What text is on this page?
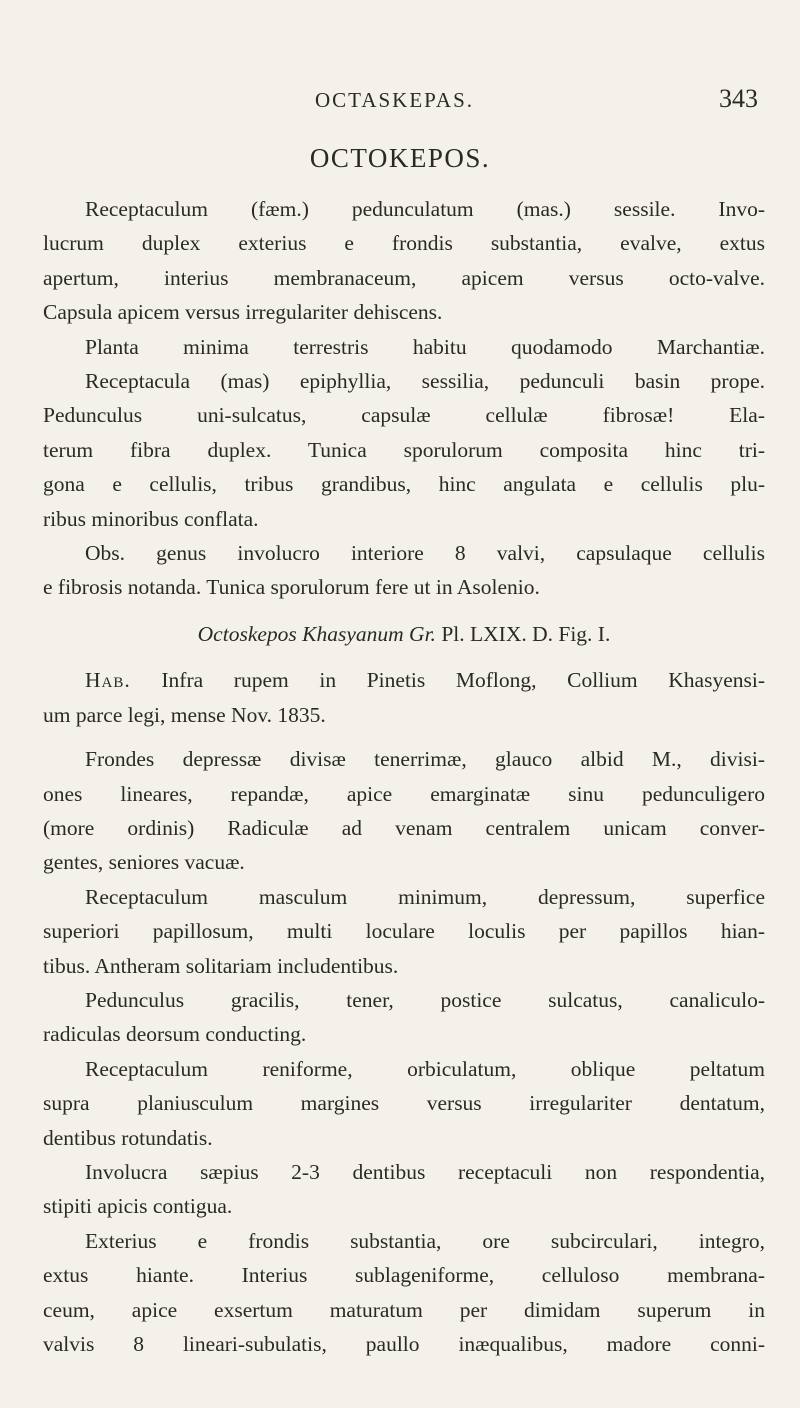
OCTASKEPAS.	343
OCTOKEPOS.
Receptaculum (fæm.) pedunculatum (mas.) sessile. Invo-
lucrum duplex exterius e frondis substantia, evalve, extus
apertum, interius membranaceum, apicem versus octo-valve.
Capsula apicem versus irregulariter dehiscens.
Planta minima terrestris habitu quodamodo Marchantiæ.
Receptacula (mas) epiphyllia, sessilia, pedunculi basin prope.
Pedunculus uni-sulcatus, capsulæ cellulæ fibrosæ! Ela-
terum fibra duplex. Tunica sporulorum composita hinc tri-
gona e cellulis, tribus grandibus, hinc angulata e cellulis plu-
ribus minoribus conflata.
Obs. genus involucro interiore 8 valvi, capsulaque cellulis
e fibrosis notanda. Tunica sporulorum fere ut in Asolenio.
Octoskepos Khasyanum Gr. Pl. LXIX. D. Fig. I.
Hab. Infra rupem in Pinetis Moflong, Collium Khasyensi-
um parce legi, mense Nov. 1835.
Frondes depressæ divisæ tenerrimæ, glauco albid M., divisi-
ones lineares, repandæ, apice emarginatæ sinu pedunculigero
(more ordinis) Radiculæ ad venam centralem unicam conver-
gentes, seniores vacuæ.
Receptaculum masculum minimum, depressum, superfice
superiori papillosum, multi loculare loculis per papillos hian-
tibus. Antheram solitariam includentibus.
Pedunculus gracilis, tener, postice sulcatus, canaliculo-
radiculas deorsum conducting.
Receptaculum reniforme, orbiculatum, oblique peltatum
supra planiusculum margines versus irregulariter dentatum,
dentibus rotundatis.
Involucra sæpius 2-3 dentibus receptaculi non respondentia,
stipiti apicis contigua.
Exterius e frondis substantia, ore subcirculari, integro,
extus hiante. Interius sublageniforme, celluloso membrana-
ceum, apice exsertum maturatum per dimidam superum in
valvis 8 lineari-subulatis, paullo inæqualibus, madore conni-
